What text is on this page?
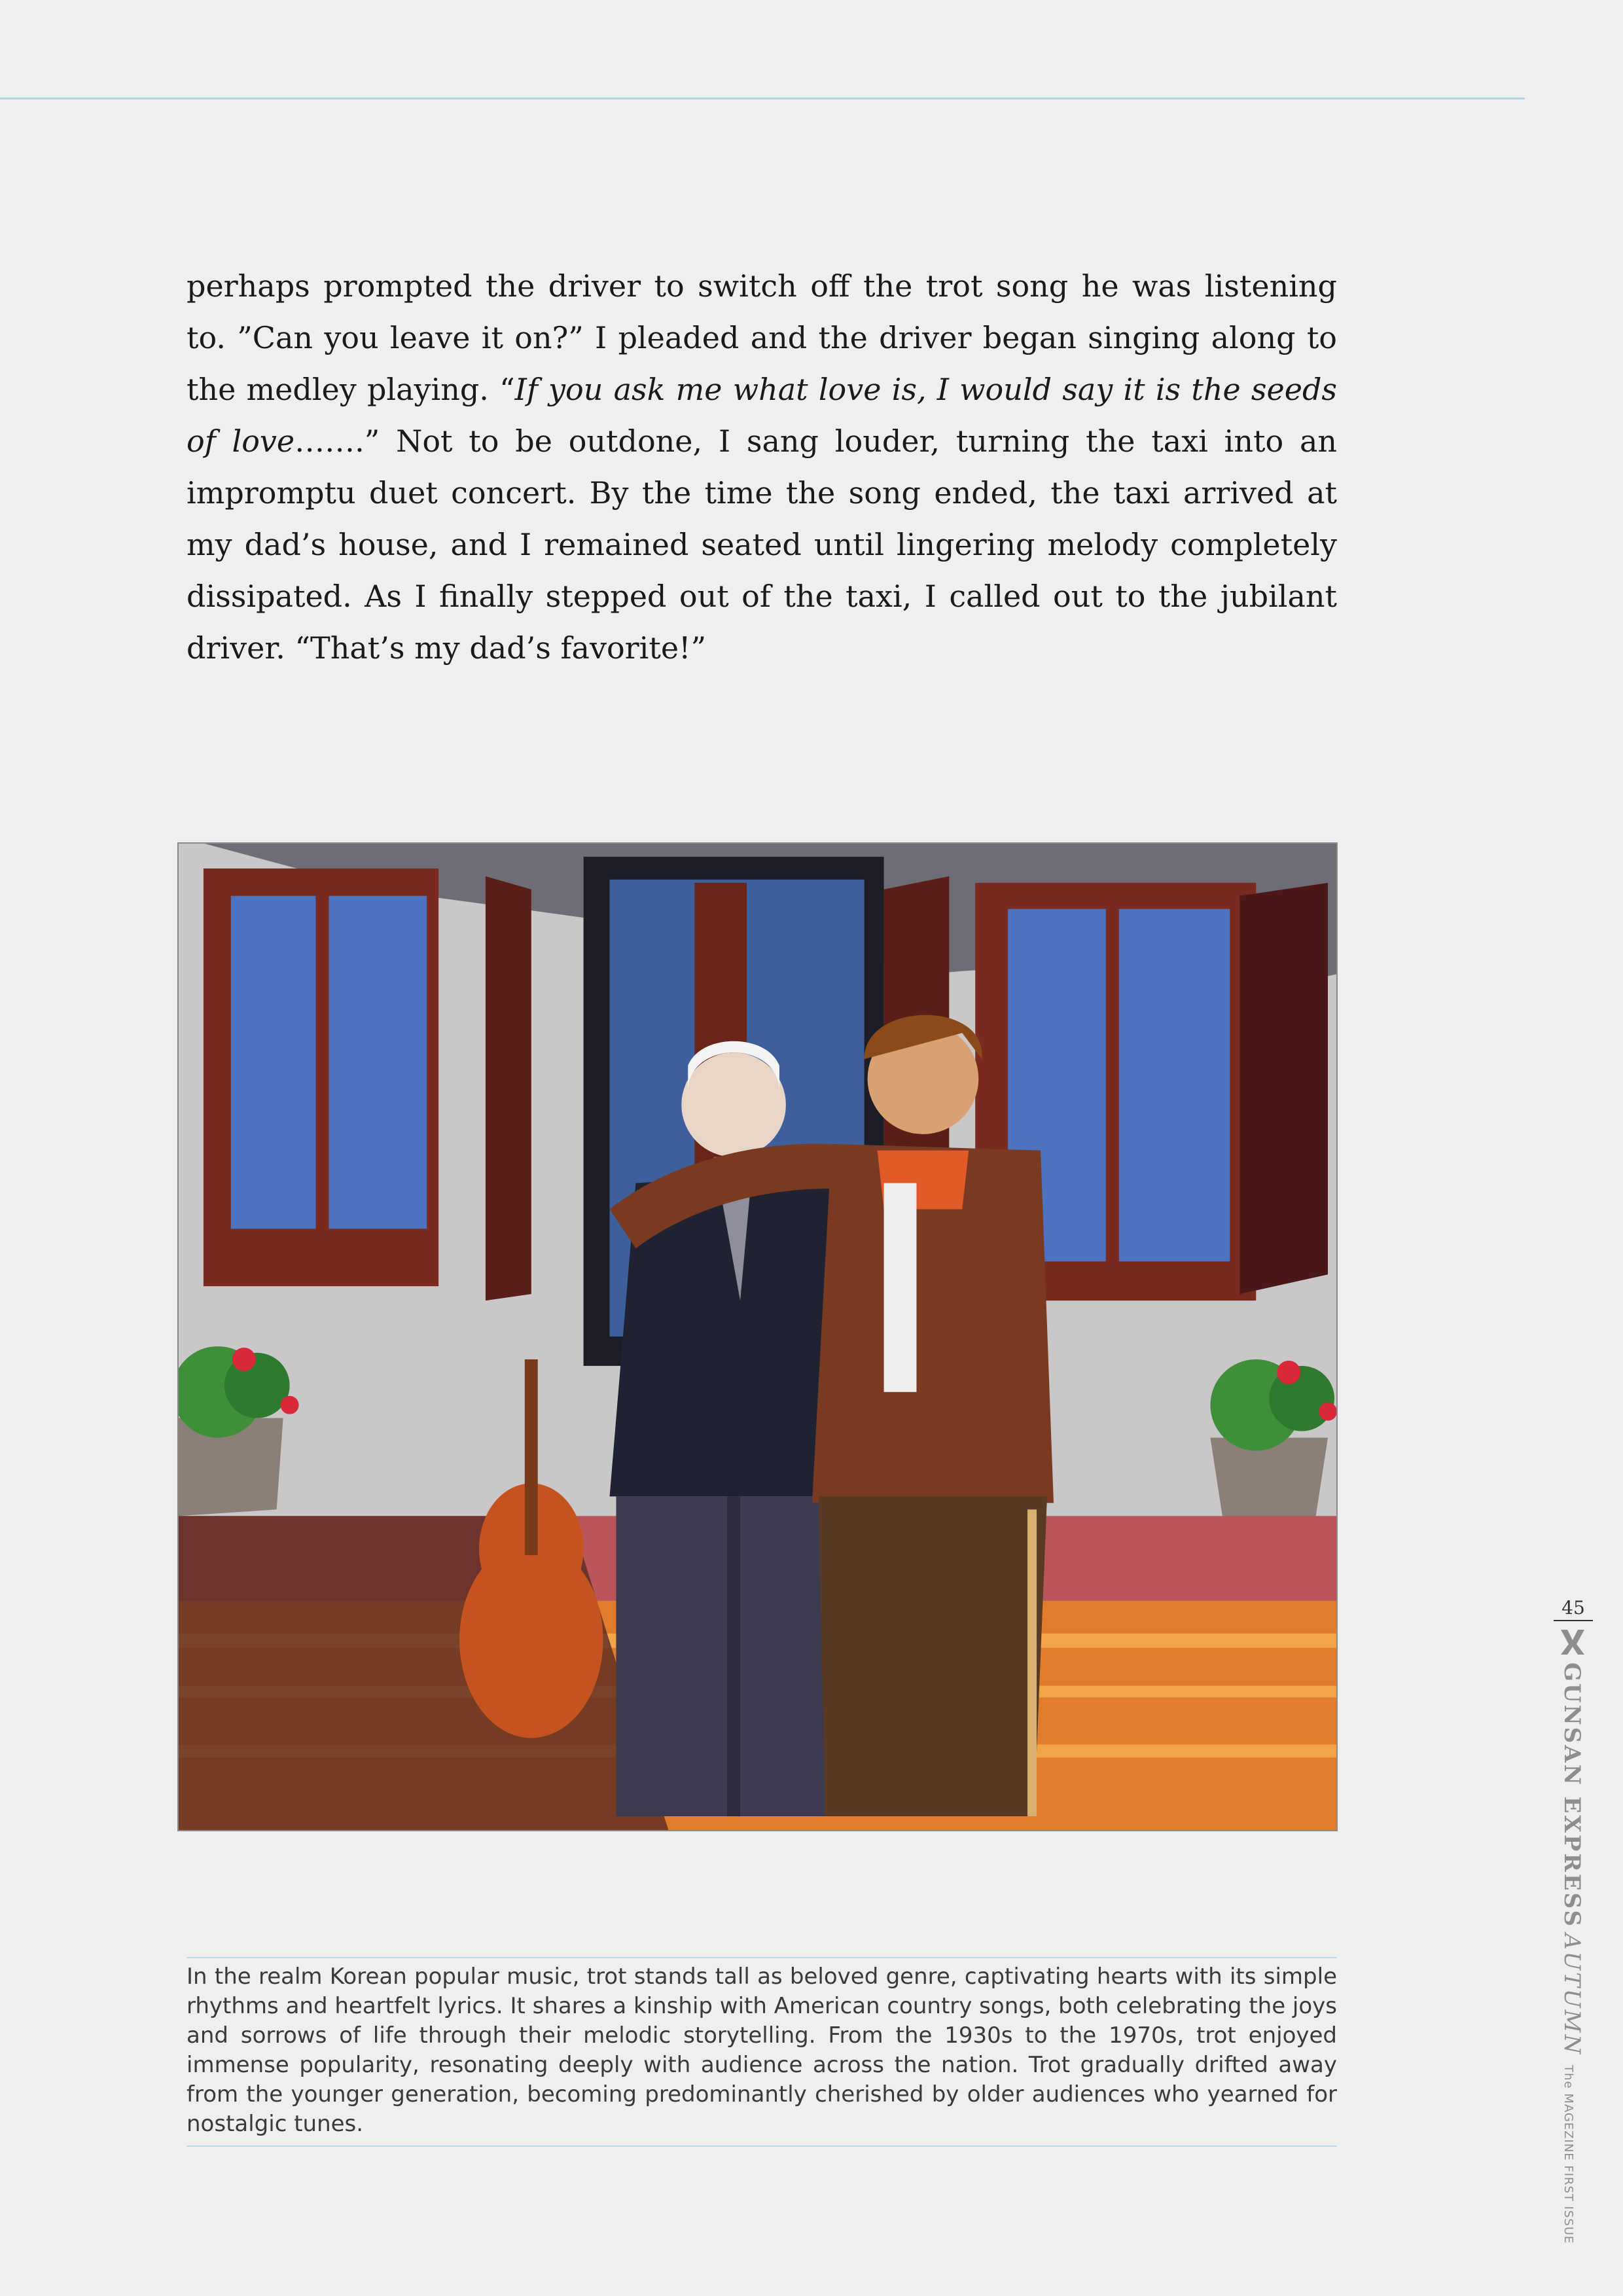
perhaps prompted the driver to switch off the trot song he was listening to. ”Can you leave it on?” I pleaded and the driver began singing along to the medley playing. “If you ask me what love is, I would say it is the seeds of love…….” Not to be outdone, I sang louder, turning the taxi into an impromptu duet concert. By the time the song ended, the taxi arrived at my dad’s house, and I remained seated until lingering melody completely dissipated. As I finally stepped out of the taxi, I called out to the jubilant driver. “That’s my dad’s favorite!”

In the realm Korean popular music, trot stands tall as beloved genre, captivating hearts with its simple rhythms and heartfelt lyrics. It shares a kinship with American country songs, both celebrating the joys and sorrows of life through their melodic storytelling. From the 1930s to the 1970s, trot enjoyed immense popularity, resonating deeply with audience across the nation. Trot gradually drifted away from the younger generation, becoming predominantly cherished by older audiences who yearned for nostalgic tunes.
45
GUNSAN EXPRESSAUTUMNThe MAGEZINE FIRST ISSUE
